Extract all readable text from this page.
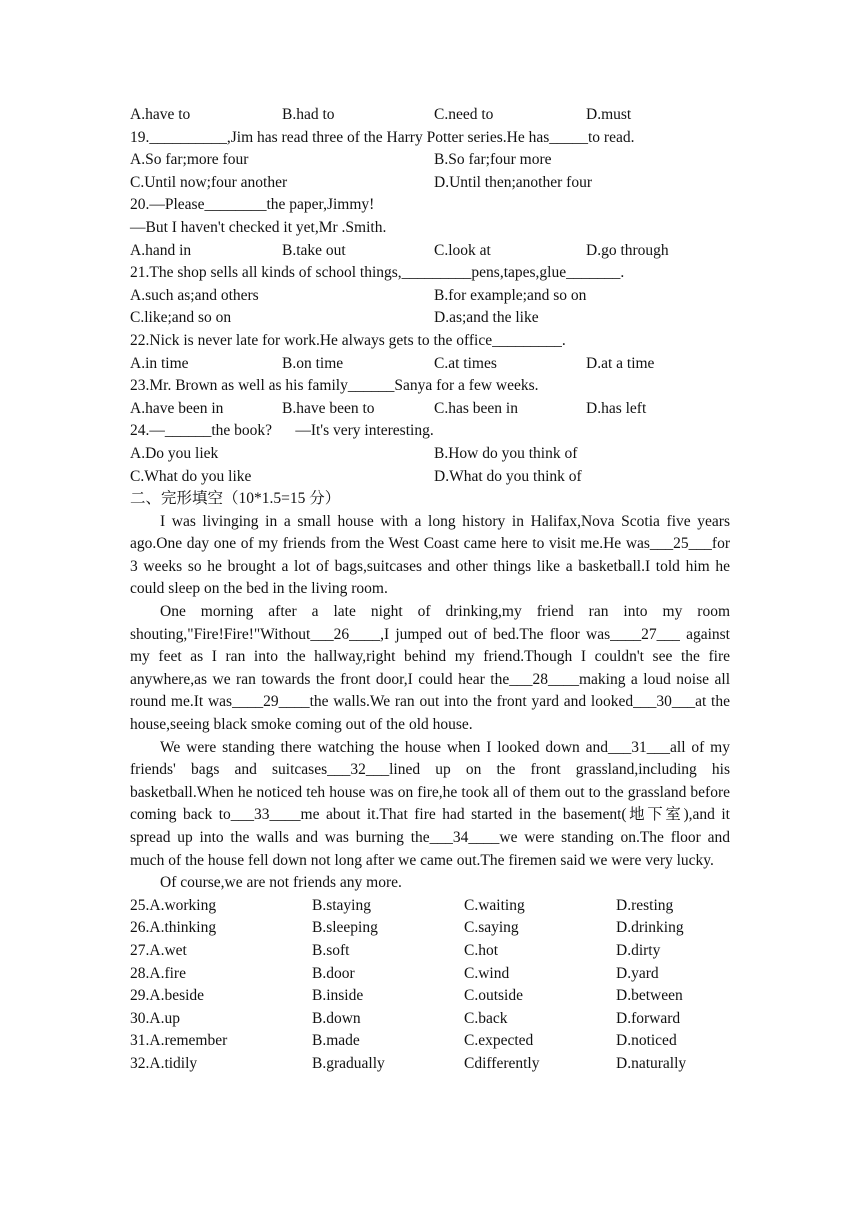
A.have to	B.had to	C.need to	D.must
19.__________,Jim has read three of the Harry Potter series.He has_____to read.
A.So far;more four	B.So far;four more
C.Until now;four another	D.Until then;another four
20.—Please________the paper,Jimmy!
—But I haven't checked it yet,Mr .Smith.
A.hand in	B.take out	C.look at	D.go through
21.The shop sells all kinds of school things,_________pens,tapes,glue_______.
A.such as;and others	B.for example;and so on
C.like;and so on	D.as;and the like
22.Nick is never late for work.He always gets to the office_________.
A.in time	B.on time	C.at times	D.at a time
23.Mr. Brown as well as his family______Sanya for a few weeks.
A.have been in	B.have been to	C.has been in	D.has left
24.—______the book?      —It's very interesting.
A.Do you liek	B.How do you think of
C.What do you like	D.What do you think of
二、完形填空（10*1.5=15 分）
I was livinging in a small house with a long history in Halifax,Nova Scotia five years ago.One day one of my friends from the West Coast came here to visit me.He was___25___for 3 weeks so he brought a lot of bags,suitcases and other things like a basketball.I told him he could sleep on the bed in the living room.
One morning after a late night of drinking,my friend ran into my room shouting,"Fire!Fire!"Without___26____,I jumped out of bed.The floor was____27___ against my feet as I ran into the hallway,right behind my friend.Though I couldn't see the fire anywhere,as we ran towards the front door,I could hear the___28____making a loud noise all round me.It was____29____the walls.We ran out into the front yard and looked___30___at the house,seeing black smoke coming out of the old house.
We were standing there watching the house when I looked down and___31___all of my friends' bags and suitcases___32___lined up on the front grassland,including his basketball.When he noticed teh house was on fire,he took all of them out to the grassland before coming back to___33____me about it.That fire had started in the basement(地下室),and it spread up into the walls and was burning the___34____we were standing on.The floor and much of the house fell down not long after we came out.The firemen said we were very lucky.
Of course,we are not friends any more.
25.A.working	B.staying	C.waiting	D.resting
26.A.thinking	B.sleeping	C.saying	D.drinking
27.A.wet	B.soft	C.hot	D.dirty
28.A.fire	B.door	C.wind	D.yard
29.A.beside	B.inside	C.outside	D.between
30.A.up	B.down	C.back	D.forward
31.A.remember	B.made	C.expected	D.noticed
32.A.tidily	B.gradually	Cdifferently	D.naturally
